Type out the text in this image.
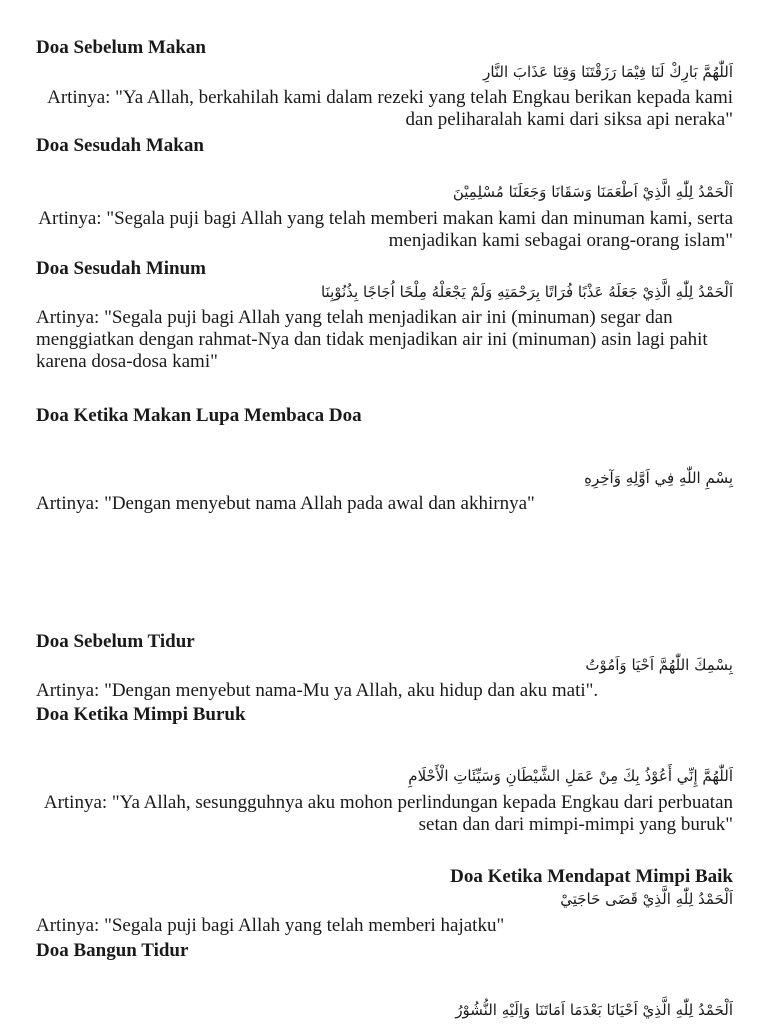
Doa Sebelum Makan
اَللّٰهُمَّ بَارِكْ لَنَا فِيْمَا رَزَقْتَنَا وَقِنَا عَذَابَ النَّارِ
Artinya: "Ya Allah, berkahilah kami dalam rezeki yang telah Engkau berikan kepada kami dan peliharalah kami dari siksa api neraka"
Doa Sesudah Makan
اَلْحَمْدُ لِلّٰهِ الَّذِيْ اَطْعَمَنَا وَسَقَانَا وَجَعَلَنَا مُسْلِمِيْنَ
Artinya: "Segala puji bagi Allah yang telah memberi makan kami dan minuman kami, serta menjadikan kami sebagai orang-orang islam"
Doa Sesudah Minum
اَلْحَمْدُ لِلّٰهِ الَّذِيْ جَعَلَهُ عَذْبًا فُرَاتًا بِرَحْمَتِهِ وَلَمْ يَجْعَلْهُ مِلْحًا اُجَاجًا بِذُنُوْبِنَا
Artinya: "Segala puji bagi Allah yang telah menjadikan air ini (minuman) segar dan menggiatkan dengan rahmat-Nya dan tidak menjadikan air ini (minuman) asin lagi pahit karena dosa-dosa kami"
Doa Ketika Makan Lupa Membaca Doa
بِسْمِ اللّٰهِ فِي اَوَّلِهِ وَآخِرِهِ
Artinya: "Dengan menyebut nama Allah pada awal dan akhirnya"
Doa Sebelum Tidur
بِسْمِكَ اللّٰهُمَّ اَحْيَا وَاَمُوْتُ
Artinya: "Dengan menyebut nama-Mu ya Allah, aku hidup dan aku mati".
Doa Ketika Mimpi Buruk
اَللّٰهُمَّ إِنِّي أَعُوْذُ بِكَ مِنْ عَمَلِ الشَّيْطَانِ وَسَيِّئَاتِ الْأَحْلَامِ
Artinya: "Ya Allah, sesungguhnya aku mohon perlindungan kepada Engkau dari perbuatan setan dan dari mimpi-mimpi yang buruk"
Doa Ketika Mendapat Mimpi Baik
اَلْحَمْدُ لِلّٰهِ الَّذِيْ قَضَى حَاجَتِيْ
Artinya: "Segala puji bagi Allah yang telah memberi hajatku"
Doa Bangun Tidur
اَلْحَمْدُ لِلّٰهِ الَّذِيْ اَحْيَانَا بَعْدَمَا اَمَاتَنَا وَاِلَيْهِ النُّشُوْرُ
